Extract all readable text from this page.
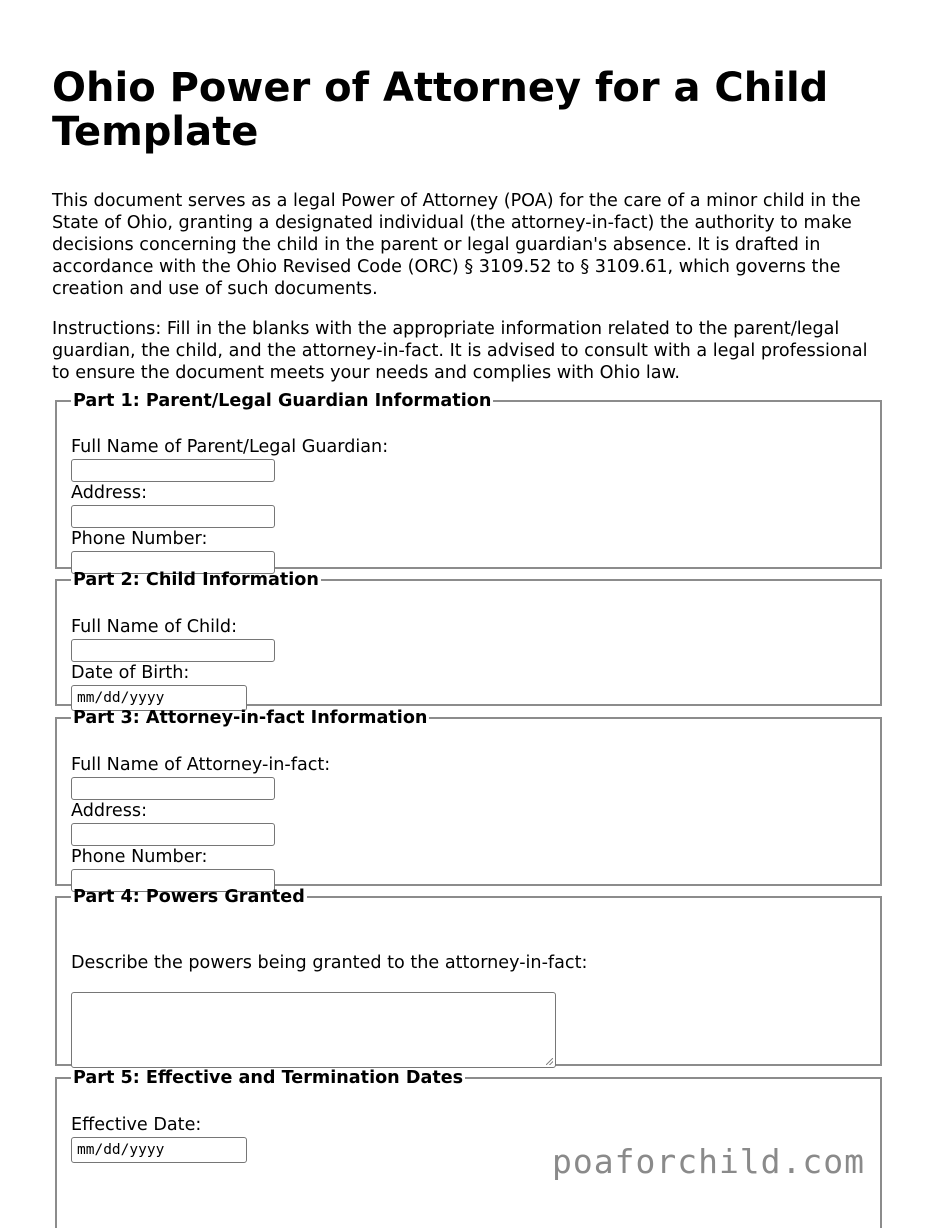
Ohio Power of Attorney for a Child Template

This document serves as a legal Power of Attorney (POA) for the care of a minor child in the State of Ohio, granting a designated individual (the attorney-in-fact) the authority to make decisions concerning the child in the parent or legal guardian's absence. It is drafted in accordance with the Ohio Revised Code (ORC) § 3109.52 to § 3109.61, which governs the creation and use of such documents.

Instructions: Fill in the blanks with the appropriate information related to the parent/legal guardian, the child, and the attorney-in-fact. It is advised to consult with a legal professional to ensure the document meets your needs and complies with Ohio law.

Part 1: Parent/Legal Guardian Information
Full Name of Parent/Legal Guardian:
Address:
Phone Number:
Part 2: Child Information
Full Name of Child:
Date of Birth:
mm/dd/yyyy
Part 3: Attorney-in-fact Information
Full Name of Attorney-in-fact:
Address:
Phone Number:
Part 4: Powers Granted
Describe the powers being granted to the attorney-in-fact:
Part 5: Effective and Termination Dates
Effective Date:
mm/dd/yyyy	poaforchild.com
